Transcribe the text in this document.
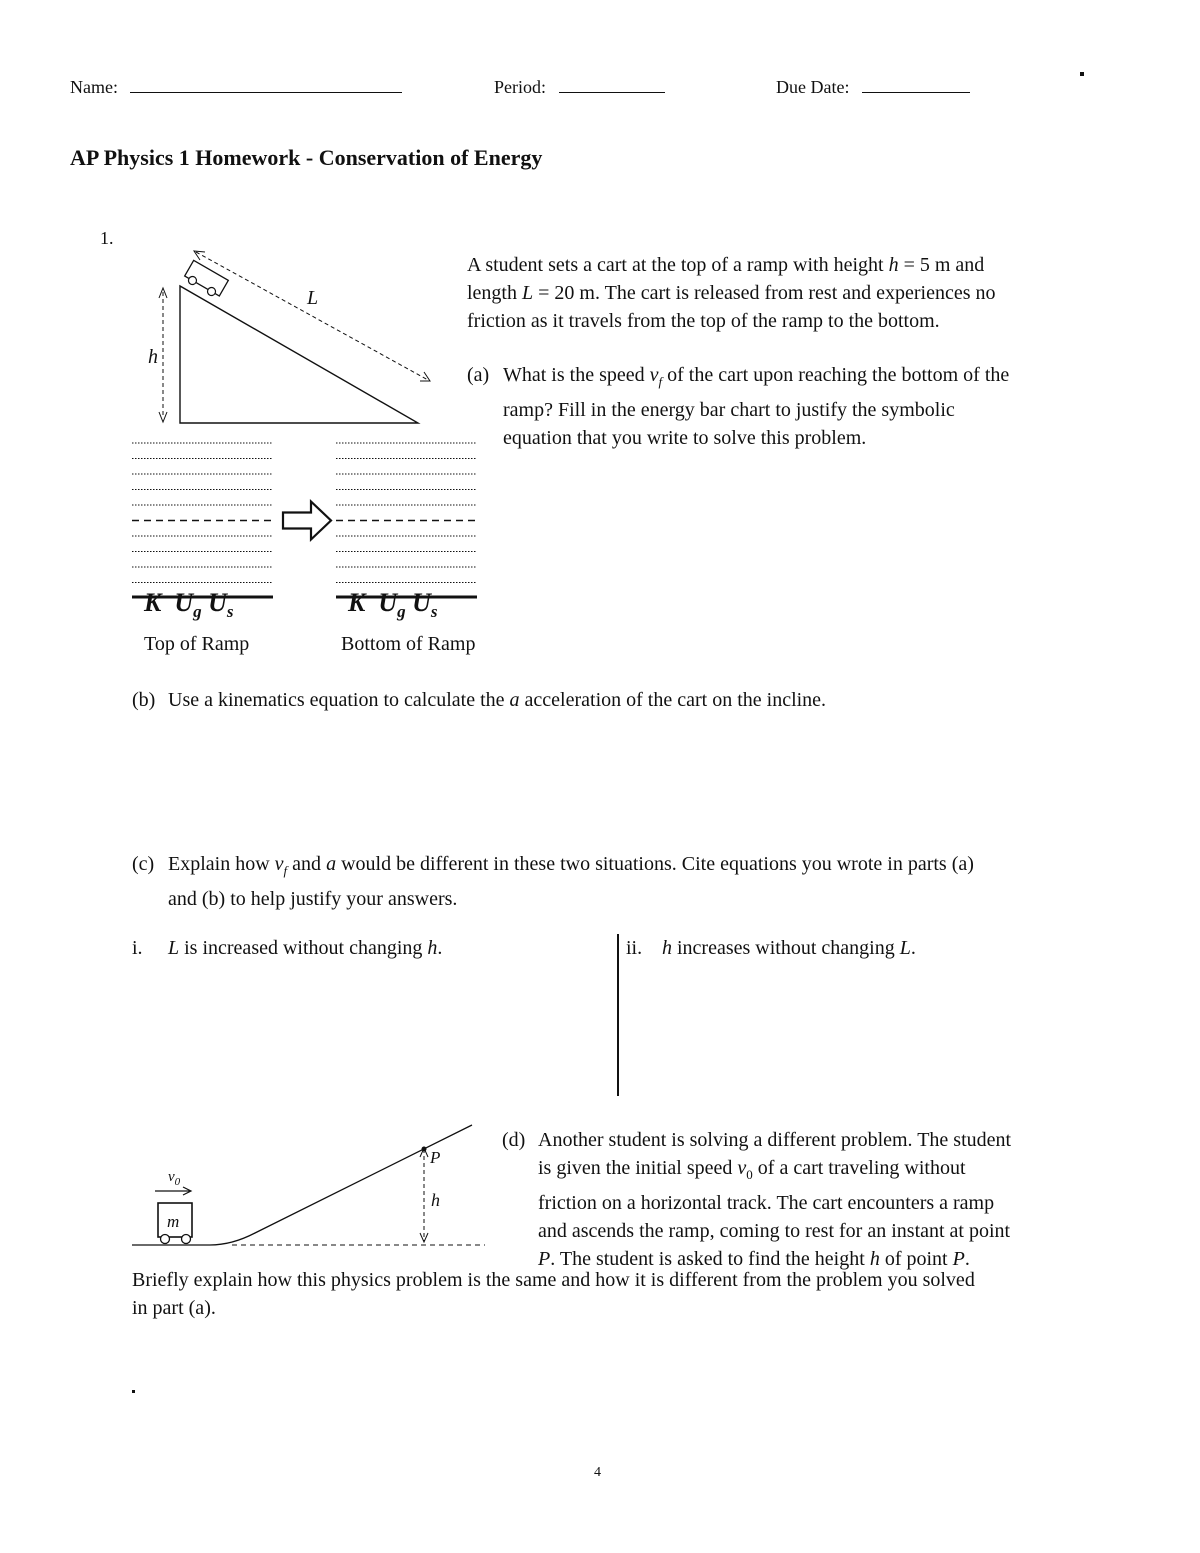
Name:	Period:	Due Date:
AP Physics 1 Homework - Conservation of Energy
1.
h
L
A student sets a cart at the top of a ramp with height h = 5 m and
length L = 20 m. The cart is released from rest and experiences no
friction as it travels from the top of the ramp to the bottom.
(a) What is the speed $v_f$ of the cart upon reaching the bottom of the
ramp? Fill in the energy bar chart to justify the symbolic
equation that you write to solve this problem.
K $U_g$ $U_s$	K $U_g$ $U_s$
Top of Ramp	Bottom of Ramp
(b) Use a kinematics equation to calculate the a acceleration of the cart on the incline.
(c) Explain how $v_f$ and a would be different in these two situations. Cite equations you wrote in parts (a)
and (b) to help justify your answers.
i. L is increased without changing h.	ii. h increases without changing L.
$v_0$
m
P
h
(d) Another student is solving a different problem. The student
is given the initial speed $v_0$ of a cart traveling without
friction on a horizontal track. The cart encounters a ramp
and ascends the ramp, coming to rest for an instant at point
P. The student is asked to find the height h of point P.
Briefly explain how this physics problem is the same and how it is different from the problem you solved
in part (a).
4
